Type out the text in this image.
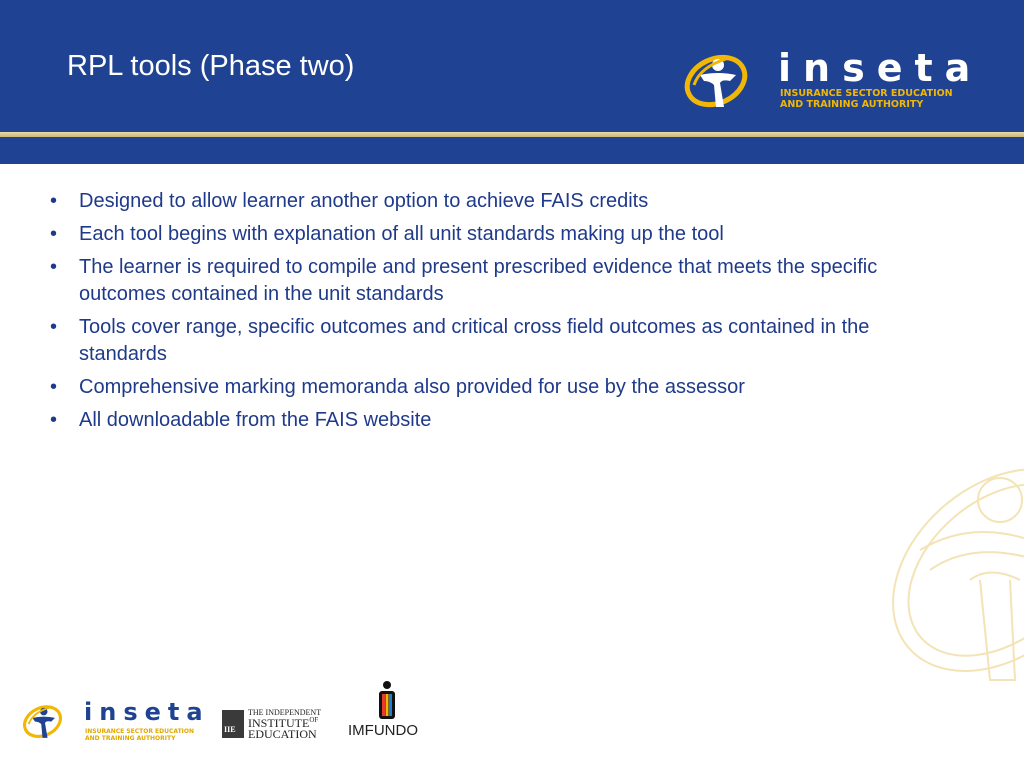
RPL tools (Phase two)	inseta
INSURANCE SECTOR EDUCATION
AND TRAINING AUTHORITY
• Designed to allow learner another option to achieve FAIS credits
• Each tool begins with explanation of all unit standards making up the tool
• The learner is required to compile and present prescribed evidence that meets the specific outcomes contained in the unit standards
• Tools cover range, specific outcomes and critical cross field outcomes as contained in the standards
• Comprehensive marking memoranda also provided for use by the assessor
• All downloadable from the FAIS website
inseta
INSURANCE SECTOR EDUCATION
AND TRAINING AUTHORITY
IIE
THE INDEPENDENT
$INSTITUTE^{OF}$
EDUCATION IMFUNDO
